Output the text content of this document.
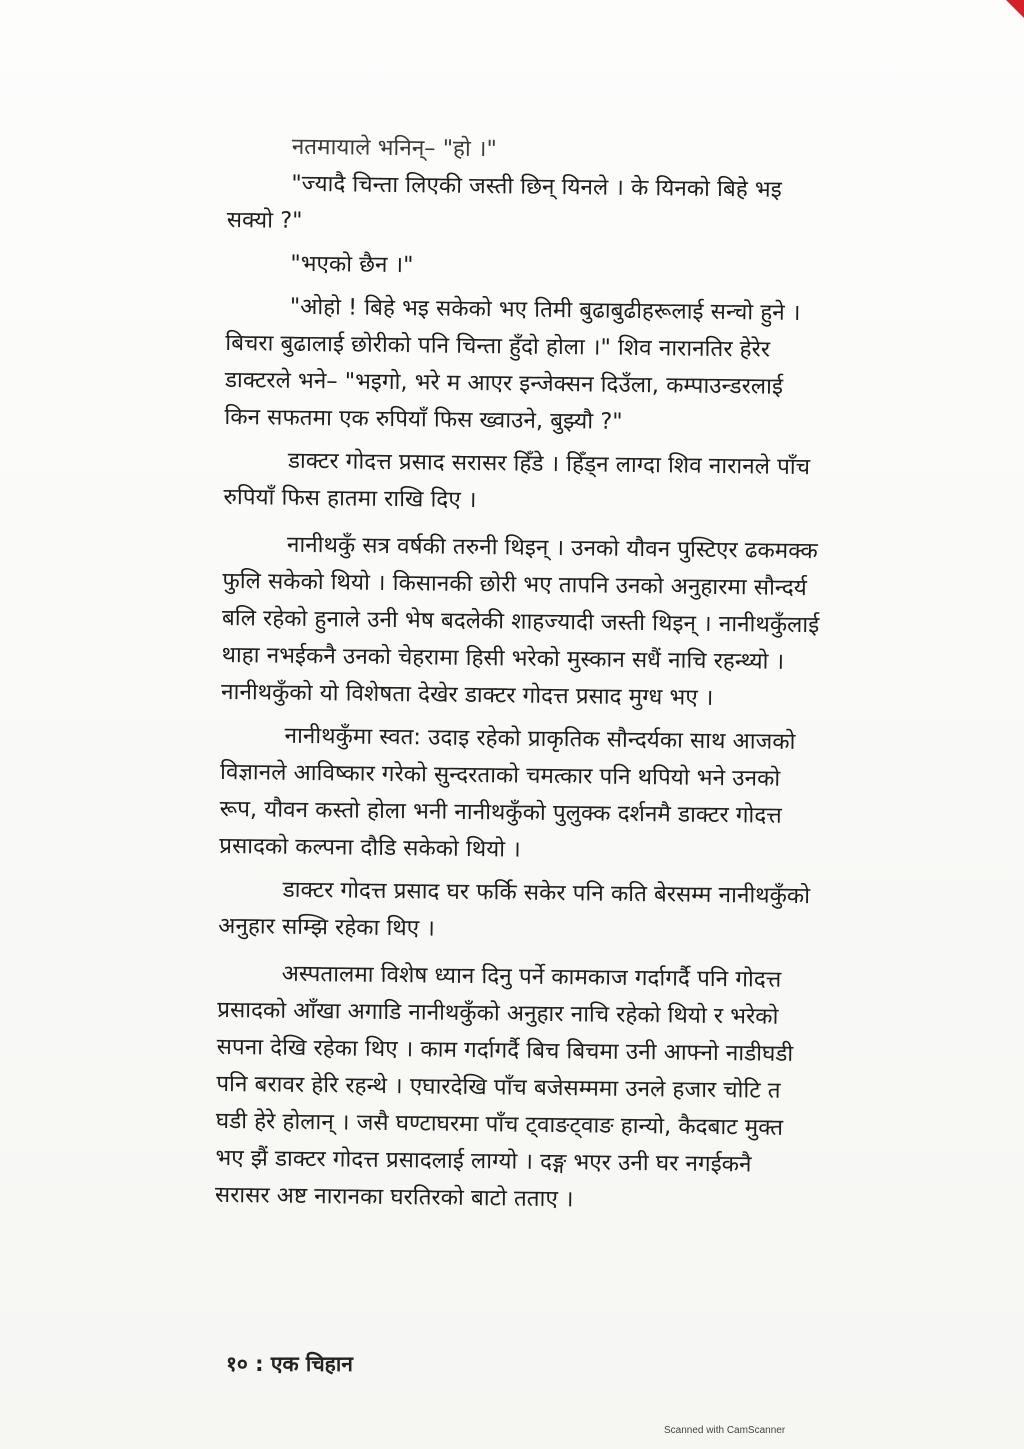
नतमायाले भनिन्– "हो ।"
"ज्यादै चिन्ता लिएकी जस्ती छिन् यिनले । के यिनको बिहे भइ
सक्यो ?"
"भएको छैन ।"
"ओहो ! बिहे भइ सकेको भए तिमी बुढाबुढीहरूलाई सन्चो हुने ।
बिचरा बुढालाई छोरीको पनि चिन्ता हुँदो होला ।" शिव नारानतिर हेरेर
डाक्टरले भने– "भइगो, भरे म आएर इन्जेक्सन दिउँला, कम्पाउन्डरलाई
किन सफतमा एक रुपियाँ फिस ख्वाउने, बुझ्यौ ?"
डाक्टर गोदत्त प्रसाद सरासर हिँडे । हिँड्न लाग्दा शिव नारानले पाँच
रुपियाँ फिस हातमा राखि दिए ।
नानीथकुँ सत्र वर्षकी तरुनी थिइन् । उनको यौवन पुस्टिएर ढकमक्क
फुलि सकेको थियो । किसानकी छोरी भए तापनि उनको अनुहारमा सौन्दर्य
बलि रहेको हुनाले उनी भेष बदलेकी शाहज्यादी जस्ती थिइन् । नानीथकुँलाई
थाहा नभईकनै उनको चेहरामा हिसी भरेको मुस्कान सधैं नाचि रहन्थ्यो ।
नानीथकुँको यो विशेषता देखेर डाक्टर गोदत्त प्रसाद मुग्ध भए ।
नानीथकुँमा स्वत: उदाइ रहेको प्राकृतिक सौन्दर्यका साथ आजको
विज्ञानले आविष्कार गरेको सुन्दरताको चमत्कार पनि थपियो भने उनको
रूप, यौवन कस्तो होला भनी नानीथकुँको पुलुक्क दर्शनमै डाक्टर गोदत्त
प्रसादको कल्पना दौडि सकेको थियो ।
डाक्टर गोदत्त प्रसाद घर फर्कि सकेर पनि कति बेरसम्म नानीथकुँको
अनुहार सम्झि रहेका थिए ।
अस्पतालमा विशेष ध्यान दिनु पर्ने कामकाज गर्दागर्दै पनि गोदत्त
प्रसादको आँखा अगाडि नानीथकुँको अनुहार नाचि रहेको थियो र भरेको
सपना देखि रहेका थिए । काम गर्दागर्दै बिच बिचमा उनी आफ्नो नाडीघडी
पनि बरावर हेरि रहन्थे । एघारदेखि पाँच बजेसम्ममा उनले हजार चोटि त
घडी हेरे होलान् । जसै घण्टाघरमा पाँच ट्वाङट्वाङ हान्यो, कैदबाट मुक्त
भए झैं डाक्टर गोदत्त प्रसादलाई लाग्यो । दङ्ग भएर उनी घर नगईकनै
सरासर अष्ट नारानका घरतिरको बाटो तताए ।
१० : एक चिहान
Scanned with CamScanner
